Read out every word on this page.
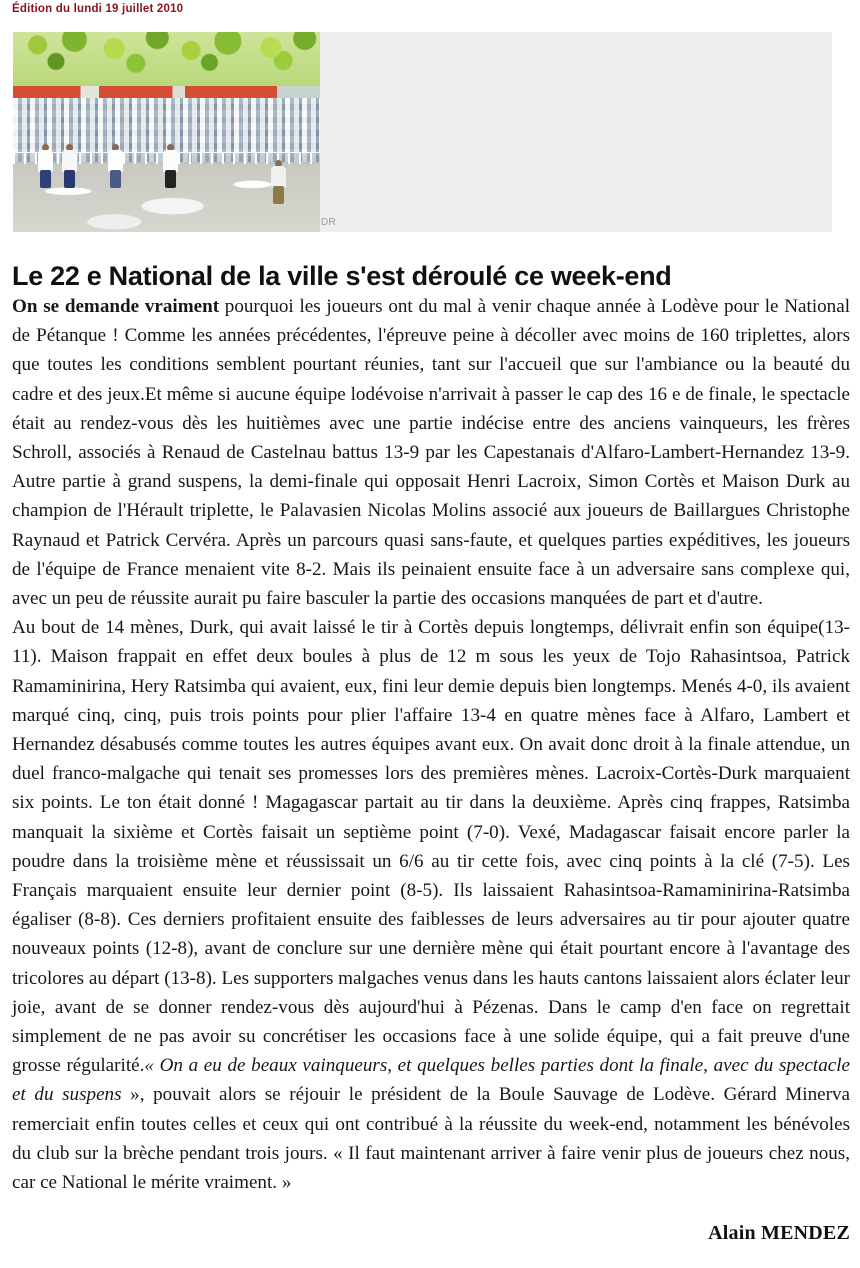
Édition du lundi 19 juillet 2010
DR
Le 22 e National de la ville s'est déroulé ce week-end

On se demande vraiment pourquoi les joueurs ont du mal à venir chaque année à Lodève pour le National de Pétanque ! Comme les années précédentes, l'épreuve peine à décoller avec moins de 160 triplettes, alors que toutes les conditions semblent pourtant réunies, tant sur l'accueil que sur l'ambiance ou la beauté du cadre et des jeux.Et même si aucune équipe lodévoise n'arrivait à passer le cap des 16 e de finale, le spectacle était au rendez-vous dès les huitièmes avec une partie indécise entre des anciens vainqueurs, les frères Schroll, associés à Renaud de Castelnau battus 13-9 par les Capestanais d'Alfaro-Lambert-Hernandez 13-9. Autre partie à grand suspens, la demi-finale qui opposait Henri Lacroix, Simon Cortès et Maison Durk au champion de l'Hérault triplette, le Palavasien Nicolas Molins associé aux joueurs de Baillargues Christophe Raynaud et Patrick Cervéra. Après un parcours quasi sans-faute, et quelques parties expéditives, les joueurs de l'équipe de France menaient vite 8-2. Mais ils peinaient ensuite face à un adversaire sans complexe qui, avec un peu de réussite aurait pu faire basculer la partie des occasions manquées de part et d'autre.

Au bout de 14 mènes, Durk, qui avait laissé le tir à Cortès depuis longtemps, délivrait enfin son équipe(13-11). Maison frappait en effet deux boules à plus de 12 m sous les yeux de Tojo Rahasintsoa, Patrick Ramaminirina, Hery Ratsimba qui avaient, eux, fini leur demie depuis bien longtemps. Menés 4-0, ils avaient marqué cinq, cinq, puis trois points pour plier l'affaire 13-4 en quatre mènes face à Alfaro, Lambert et Hernandez désabusés comme toutes les autres équipes avant eux. On avait donc droit à la finale attendue, un duel franco-malgache qui tenait ses promesses lors des premières mènes. Lacroix-Cortès-Durk marquaient six points. Le ton était donné ! Magagascar partait au tir dans la deuxième. Après cinq frappes, Ratsimba manquait la sixième et Cortès faisait un septième point (7-0). Vexé, Madagascar faisait encore parler la poudre dans la troisième mène et réussissait un 6/6 au tir cette fois, avec cinq points à la clé (7-5). Les Français marquaient ensuite leur dernier point (8-5). Ils laissaient Rahasintsoa-Ramaminirina-Ratsimba égaliser (8-8). Ces derniers profitaient ensuite des faiblesses de leurs adversaires au tir pour ajouter quatre nouveaux points (12-8), avant de conclure sur une dernière mène qui était pourtant encore à l'avantage des tricolores au départ (13-8). Les supporters malgaches venus dans les hauts cantons laissaient alors éclater leur joie, avant de se donner rendez-vous dès aujourd'hui à Pézenas. Dans le camp d'en face on regrettait simplement de ne pas avoir su concrétiser les occasions face à une solide équipe, qui a fait preuve d'une grosse régularité.« On a eu de beaux vainqueurs, et quelques belles parties dont la finale, avec du spectacle et du suspens », pouvait alors se réjouir le président de la Boule Sauvage de Lodève. Gérard Minerva remerciait enfin toutes celles et ceux qui ont contribué à la réussite du week-end, notamment les bénévoles du club sur la brèche pendant trois jours. « Il faut maintenant arriver à faire venir plus de joueurs chez nous, car ce National le mérite vraiment. »

Alain MENDEZ
